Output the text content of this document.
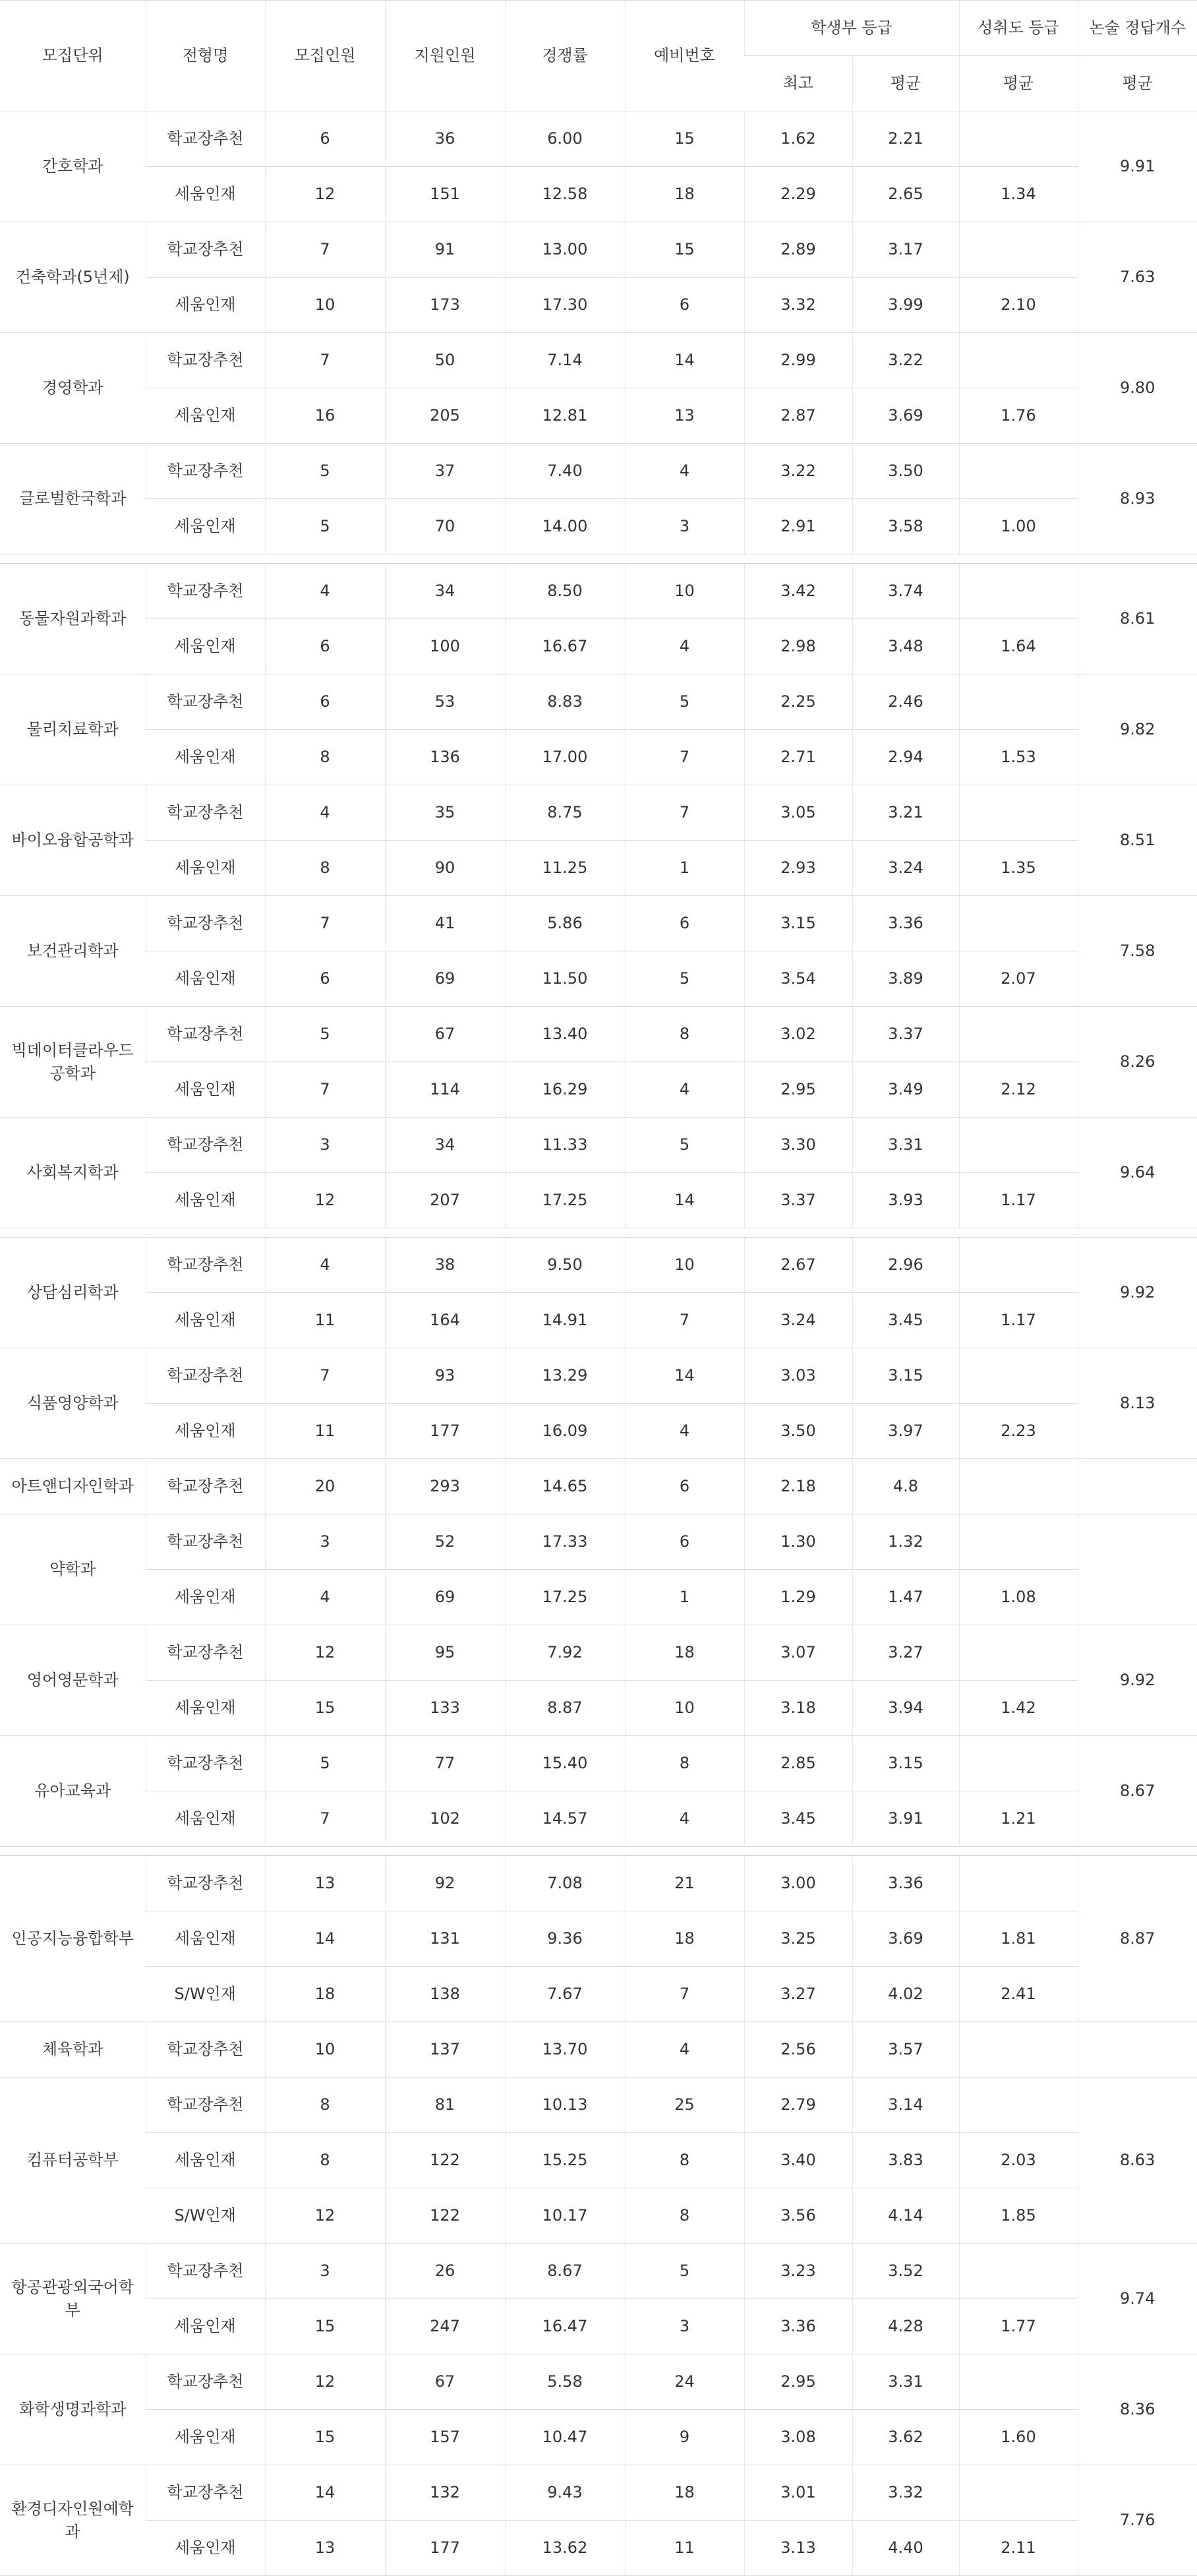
모집단위	전형명	모집인원	지원인원	경쟁률	예비번호	학생부 등급		성취도 등급	논술 정답개수
						최고	평균	평균	평균
간호학과	학교장추천	6	36	6.00	15	1.62	2.21		9.91
	세움인재	12	151	12.58	18	2.29	2.65	1.34	
건축학과(5년제)	학교장추천	7	91	13.00	15	2.89	3.17		7.63
	세움인재	10	173	17.30	6	3.32	3.99	2.10	
경영학과	학교장추천	7	50	7.14	14	2.99	3.22		9.80
	세움인재	16	205	12.81	13	2.87	3.69	1.76	
글로벌한국학과	학교장추천	5	37	7.40	4	3.22	3.50		8.93
	세움인재	5	70	14.00	3	2.91	3.58	1.00	

동물자원과학과	학교장추천	4	34	8.50	10	3.42	3.74		8.61
	세움인재	6	100	16.67	4	2.98	3.48	1.64	
물리치료학과	학교장추천	6	53	8.83	5	2.25	2.46		9.82
	세움인재	8	136	17.00	7	2.71	2.94	1.53	
바이오융합공학과	학교장추천	4	35	8.75	7	3.05	3.21		8.51
	세움인재	8	90	11.25	1	2.93	3.24	1.35	
보건관리학과	학교장추천	7	41	5.86	6	3.15	3.36		7.58
	세움인재	6	69	11.50	5	3.54	3.89	2.07	
빅데이터클라우드공학과	학교장추천	5	67	13.40	8	3.02	3.37		8.26
	세움인재	7	114	16.29	4	2.95	3.49	2.12	
사회복지학과	학교장추천	3	34	11.33	5	3.30	3.31		9.64
	세움인재	12	207	17.25	14	3.37	3.93	1.17	

상담심리학과	학교장추천	4	38	9.50	10	2.67	2.96		9.92
	세움인재	11	164	14.91	7	3.24	3.45	1.17	
식품영양학과	학교장추천	7	93	13.29	14	3.03	3.15		8.13
	세움인재	11	177	16.09	4	3.50	3.97	2.23	
아트앤디자인학과	학교장추천	20	293	14.65	6	2.18	4.8		
약학과	학교장추천	3	52	17.33	6	1.30	1.32		
	세움인재	4	69	17.25	1	1.29	1.47	1.08	
영어영문학과	학교장추천	12	95	7.92	18	3.07	3.27		9.92
	세움인재	15	133	8.87	10	3.18	3.94	1.42	
유아교육과	학교장추천	5	77	15.40	8	2.85	3.15		8.67
	세움인재	7	102	14.57	4	3.45	3.91	1.21	

인공지능융합학부	학교장추천	13	92	7.08	21	3.00	3.36		8.87
	세움인재	14	131	9.36	18	3.25	3.69	1.81	
	S/W인재	18	138	7.67	7	3.27	4.02	2.41	
체육학과	학교장추천	10	137	13.70	4	2.56	3.57		
컴퓨터공학부	학교장추천	8	81	10.13	25	2.79	3.14		8.63
	세움인재	8	122	15.25	8	3.40	3.83	2.03	
	S/W인재	12	122	10.17	8	3.56	4.14	1.85	
항공관광외국어학부	학교장추천	3	26	8.67	5	3.23	3.52		9.74
	세움인재	15	247	16.47	3	3.36	4.28	1.77	
화학생명과학과	학교장추천	12	67	5.58	24	2.95	3.31		8.36
	세움인재	15	157	10.47	9	3.08	3.62	1.60	
환경디자인원예학과	학교장추천	14	132	9.43	18	3.01	3.32		7.76
	세움인재	13	177	13.62	11	3.13	4.40	2.11	
